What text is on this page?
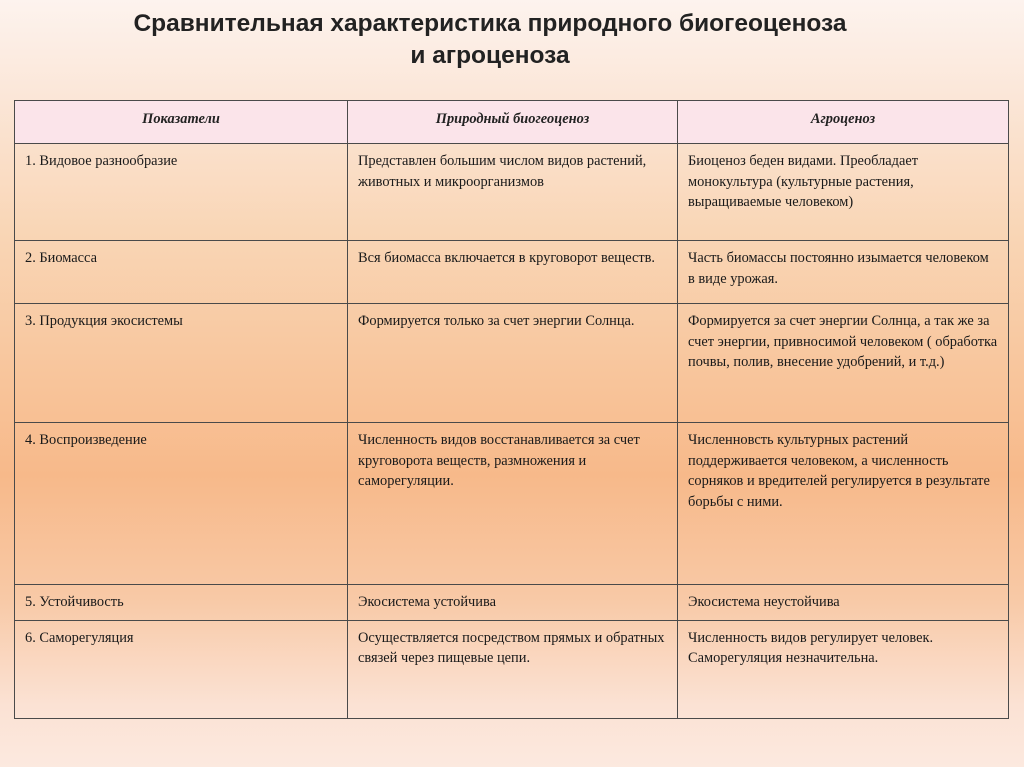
Сравнительная характеристика природного биогеоценоза
и агроценоза
Показатели	Природный биогеоценоз	Агроценоз
1. Видовое разнообразие	Представлен большим числом видов растений, животных и микроорганизмов	Биоценоз беден видами. Преобладает монокультура (культурные растения, выращиваемые человеком)
2. Биомасса	Вся биомасса включается в круговорот веществ.	Часть биомассы постоянно изымается человеком в виде урожая.
3. Продукция экосистемы	Формируется только за счет энергии Солнца.	Формируется за счет энергии Солнца, а так же за счет энергии, привносимой человеком ( обработка почвы, полив, внесение удобрений, и т.д.)
4. Воспроизведение	Численность видов восстанавливается за счет круговорота веществ, размножения и саморегуляции.	Численновсть культурных растений поддерживается человеком, а численность сорняков и вредителей регулируется в результате борьбы с ними.
5. Устойчивость	Экосистема устойчива	Экосистема неустойчива
6. Саморегуляция	Осуществляется посредством прямых и обратных связей через пищевые цепи.	Численность видов регулирует человек. Саморегуляция незначительна.
